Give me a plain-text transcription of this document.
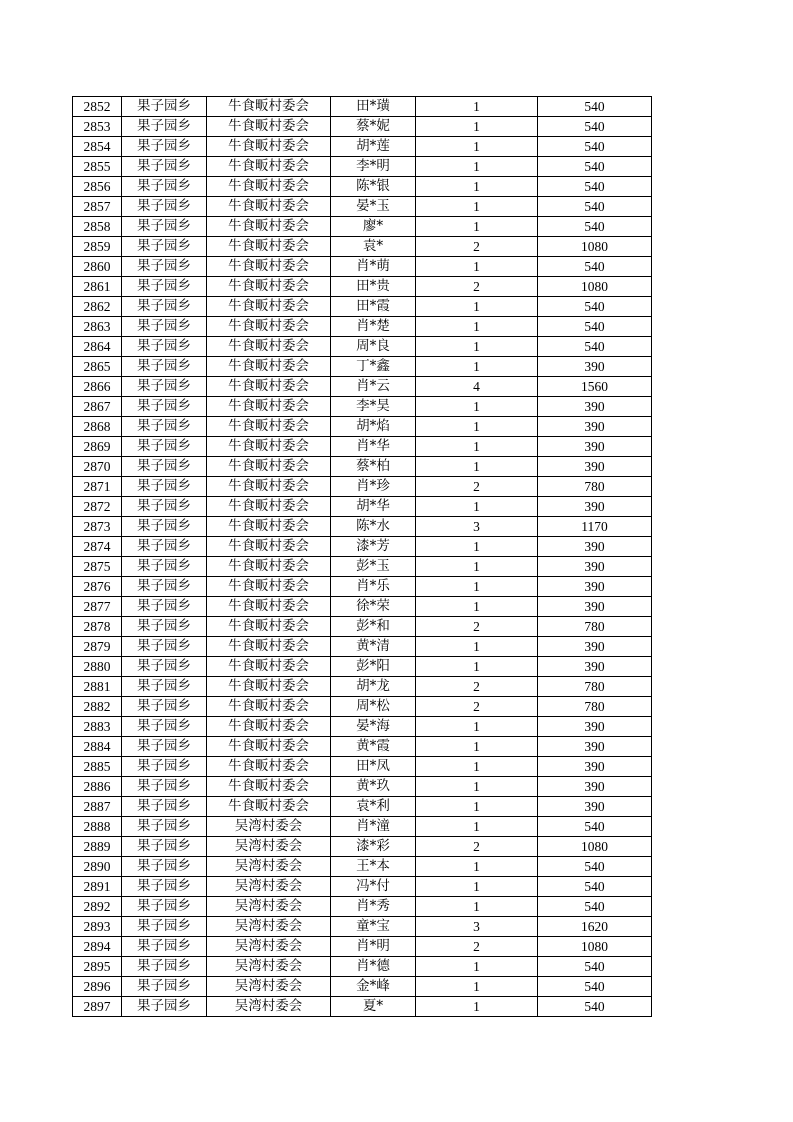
2852	果子园乡	牛食畈村委会	田*璜	1	540
2853	果子园乡	牛食畈村委会	蔡*妮	1	540
2854	果子园乡	牛食畈村委会	胡*莲	1	540
2855	果子园乡	牛食畈村委会	李*明	1	540
2856	果子园乡	牛食畈村委会	陈*银	1	540
2857	果子园乡	牛食畈村委会	晏*玉	1	540
2858	果子园乡	牛食畈村委会	廖*	1	540
2859	果子园乡	牛食畈村委会	袁*	2	1080
2860	果子园乡	牛食畈村委会	肖*萌	1	540
2861	果子园乡	牛食畈村委会	田*贵	2	1080
2862	果子园乡	牛食畈村委会	田*霞	1	540
2863	果子园乡	牛食畈村委会	肖*楚	1	540
2864	果子园乡	牛食畈村委会	周*良	1	540
2865	果子园乡	牛食畈村委会	丁*鑫	1	390
2866	果子园乡	牛食畈村委会	肖*云	4	1560
2867	果子园乡	牛食畈村委会	李*昊	1	390
2868	果子园乡	牛食畈村委会	胡*焰	1	390
2869	果子园乡	牛食畈村委会	肖*华	1	390
2870	果子园乡	牛食畈村委会	蔡*柏	1	390
2871	果子园乡	牛食畈村委会	肖*珍	2	780
2872	果子园乡	牛食畈村委会	胡*华	1	390
2873	果子园乡	牛食畈村委会	陈*水	3	1170
2874	果子园乡	牛食畈村委会	漆*芳	1	390
2875	果子园乡	牛食畈村委会	彭*玉	1	390
2876	果子园乡	牛食畈村委会	肖*乐	1	390
2877	果子园乡	牛食畈村委会	徐*荣	1	390
2878	果子园乡	牛食畈村委会	彭*和	2	780
2879	果子园乡	牛食畈村委会	黄*清	1	390
2880	果子园乡	牛食畈村委会	彭*阳	1	390
2881	果子园乡	牛食畈村委会	胡*龙	2	780
2882	果子园乡	牛食畈村委会	周*松	2	780
2883	果子园乡	牛食畈村委会	晏*海	1	390
2884	果子园乡	牛食畈村委会	黄*霞	1	390
2885	果子园乡	牛食畈村委会	田*凤	1	390
2886	果子园乡	牛食畈村委会	黄*玖	1	390
2887	果子园乡	牛食畈村委会	袁*利	1	390
2888	果子园乡	吴湾村委会	肖*潼	1	540
2889	果子园乡	吴湾村委会	漆*彩	2	1080
2890	果子园乡	吴湾村委会	王*本	1	540
2891	果子园乡	吴湾村委会	冯*付	1	540
2892	果子园乡	吴湾村委会	肖*秀	1	540
2893	果子园乡	吴湾村委会	童*宝	3	1620
2894	果子园乡	吴湾村委会	肖*明	2	1080
2895	果子园乡	吴湾村委会	肖*德	1	540
2896	果子园乡	吴湾村委会	金*峰	1	540
2897	果子园乡	吴湾村委会	夏*	1	540
